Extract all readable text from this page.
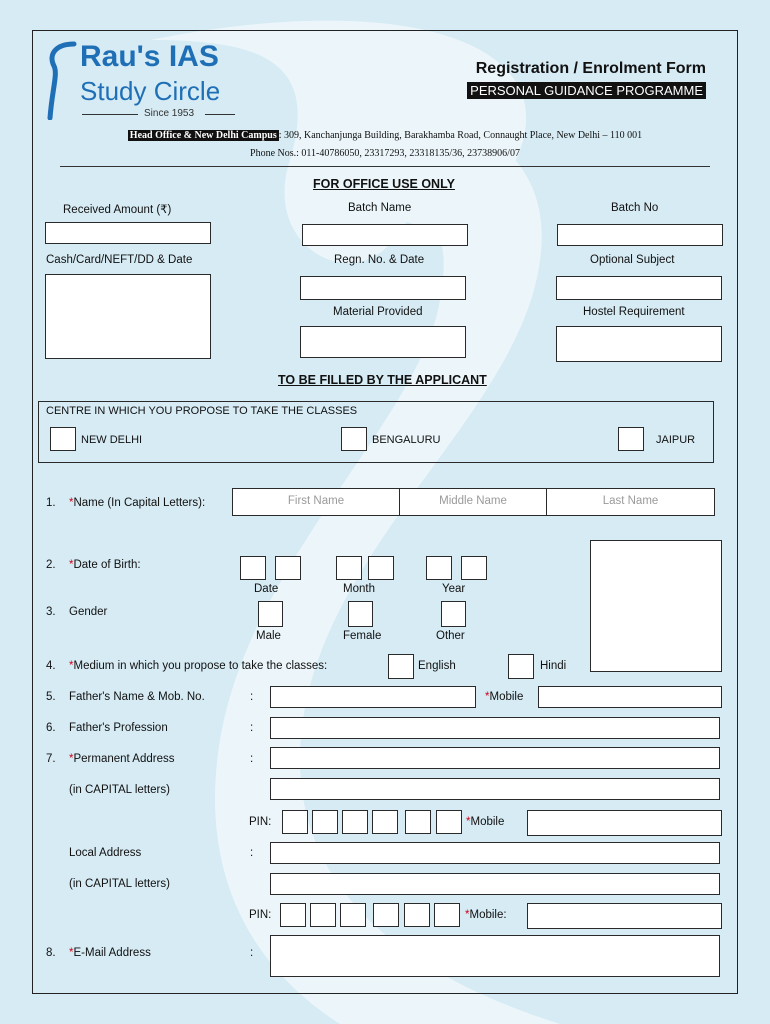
Rau's IAS
Study Circle
Since 1953
Registration / Enrolment Form
PERSONAL GUIDANCE PROGRAMME
Head Office & New Delhi Campus : 309, Kanchanjunga Building, Barakhamba Road, Connaught Place, New Delhi – 110 001
Phone Nos.: 011-40786050, 23317293, 23318135/36, 23738906/07
FOR OFFICE USE ONLY
Received Amount (₹)	Batch Name	Batch No
Cash/Card/NEFT/DD & Date	Regn. No. & Date	Optional Subject
Material Provided	Hostel Requirement
TO BE FILLED BY THE APPLICANT
CENTRE IN WHICH YOU PROPOSE TO TAKE THE CLASSES
NEW DELHI	BENGALURU	JAIPUR
1. *Name (In Capital Letters):	First Name	Middle Name	Last Name
2. *Date of Birth:
Date	Month	Year
3. Gender
Male	Female	Other
4. *Medium in which you propose to take the classes:	English	Hindi
5. Father's Name & Mob. No.	:	*Mobile
6. Father's Profession	:
7. *Permanent Address	:
(in CAPITAL letters)
PIN:	*Mobile
Local Address	:
(in CAPITAL letters)
PIN:	*Mobile:
8. *E-Mail Address	:
